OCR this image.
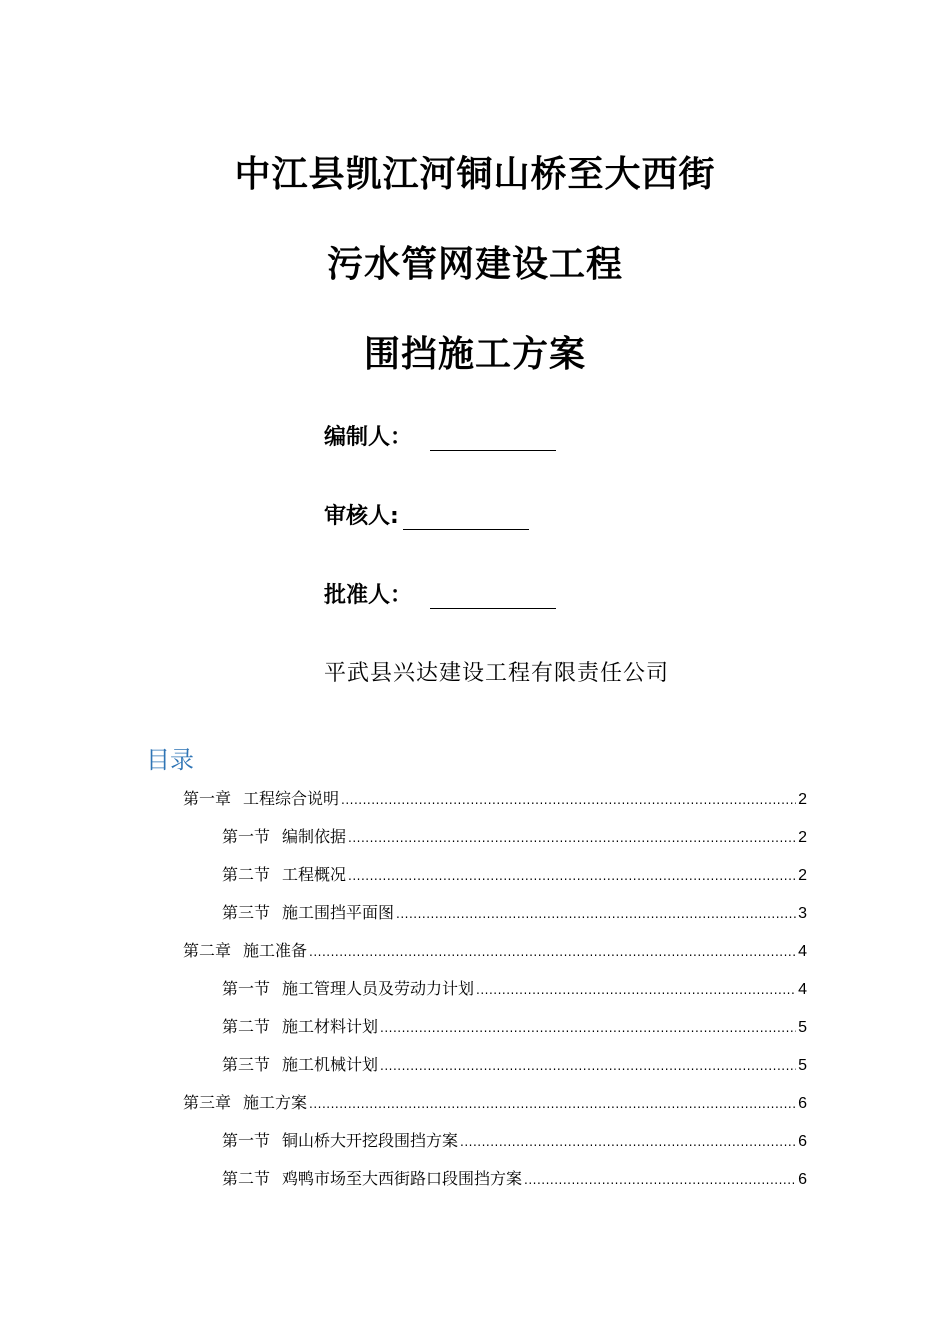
中江县凯江河铜山桥至大西街
污水管网建设工程
围挡施工方案
编制人：
审核人:
批准人：
平武县兴达建设工程有限责任公司
目录
第一章 工程综合说明 .....	2
第一节 编制依据 .....	2
第二节 工程概况 .....	2
第三节 施工围挡平面图 .....	3
第二章 施工准备 .....	4
第一节 施工管理人员及劳动力计划 .....	4
第二节 施工材料计划 .....	5
第三节 施工机械计划 .....	5
第三章 施工方案 .....	6
第一节 铜山桥大开挖段围挡方案 .....	6
第二节 鸡鸭市场至大西街路口段围挡方案 .....	6
